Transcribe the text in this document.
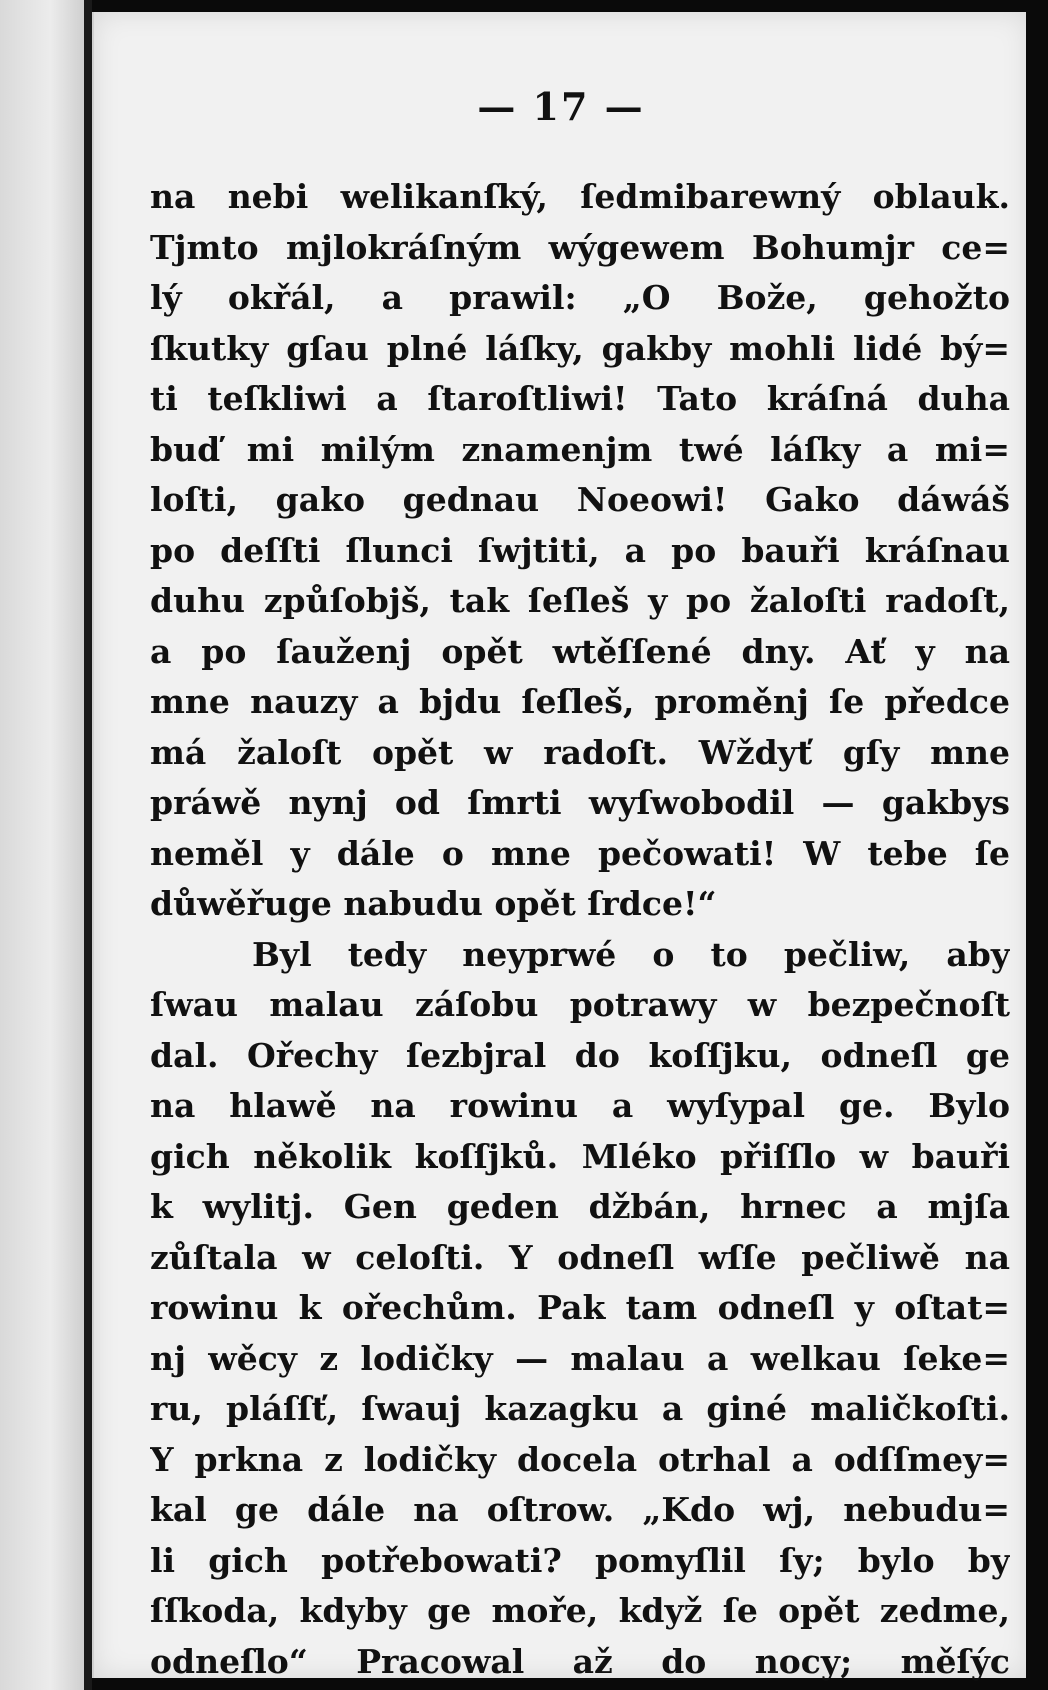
— 17 —
na nebi welikanſký, ſedmibarewný oblauk.
Tjmto mjlokráſným wýgewem Bohumjr ce=
lý okřál, a prawil: „O Bože, gehožto
ſkutky gſau plné láſky, gakby mohli lidé bý=
ti teſkliwi a ſtaroſtliwi! Tato kráſná duha
buď mi milým znamenjm twé láſky a mi=
loſti, gako gednau Noeowi! Gako dáwáš
po deſſti ſlunci ſwjtiti, a po bauři kráſnau
duhu způſobjš, tak ſeſleš y po žaloſti radoſt,
a po ſauženj opět wtěſſené dny. Ať y na
mne nauzy a bjdu ſeſleš, proměnj ſe předce
má žaloſt opět w radoſt. Wždyť gſy mne
práwě nynj od ſmrti wyſwobodil — gakbys
neměl y dále o mne pečowati! W tebe ſe
důwěřuge nabudu opět ſrdce!“
Byl tedy neyprwé o to pečliw, aby
ſwau malau záſobu potrawy w bezpečnoſt
dal. Ořechy ſezbjral do koſſjku, odneſl ge
na hlawě na rowinu a wyſypal ge. Bylo
gich několik koſſjků. Mléko přiſſlo w bauři
k wylitj. Gen geden džbán, hrnec a mjſa
zůſtala w celoſti. Y odneſl wſſe pečliwě na
rowinu k ořechům. Pak tam odneſl y oſtat=
nj wěcy z lodičky — malau a welkau ſeke=
ru, pláſſť, ſwauj kazagku a giné maličkoſti.
Y prkna z lodičky docela otrhal a odſſmey=
kal ge dále na oſtrow. „Kdo wj, nebudu=
li gich potřebowati? pomyſlil ſy; bylo by
ſſkoda, kdyby ge moře, když ſe opět zedme,
odneſlo“ Pracowal až do nocy; měſýc
